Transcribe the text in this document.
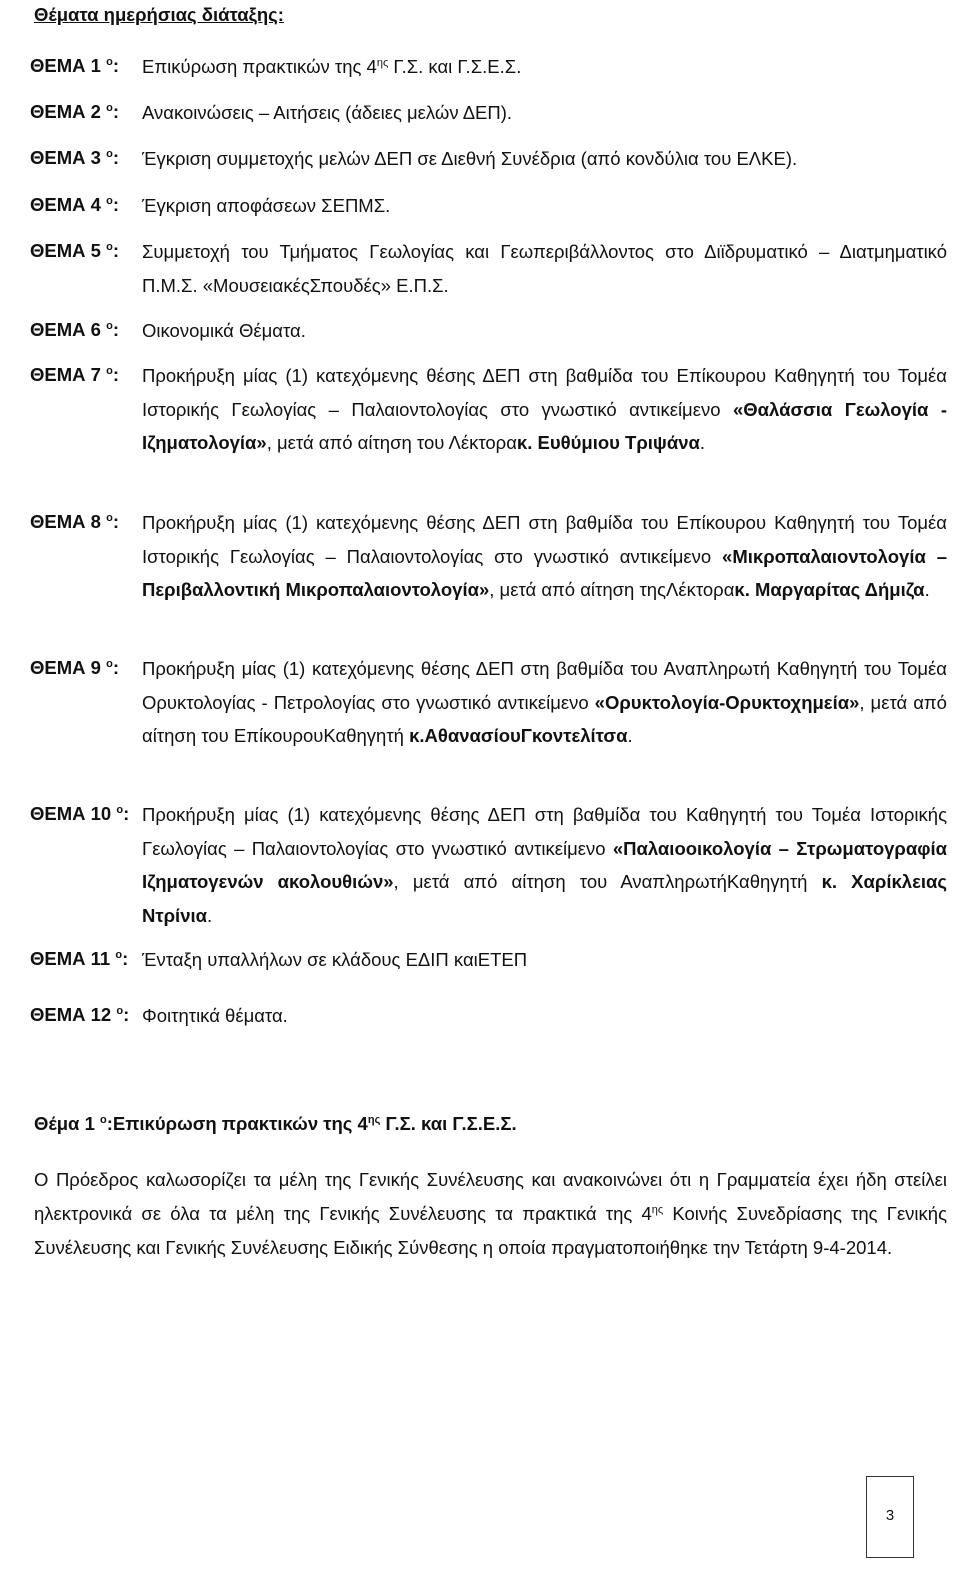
Θέματα ημερήσιας διάταξης:
ΘΕΜΑ 1 $^o$:	Επικύρωση πρακτικών της $4^{\eta\varsigma}$ Γ.Σ. και Γ.Σ.Ε.Σ.
ΘΕΜΑ 2 $^o$:	Ανακοινώσεις – Αιτήσεις (άδειες μελών ΔΕΠ).
ΘΕΜΑ 3 $^o$:	Έγκριση συμμετοχής μελών ΔΕΠ σε Διεθνή Συνέδρια (από κονδύλια του ΕΛΚΕ).
ΘΕΜΑ 4 $^o$:	Έγκριση αποφάσεων ΣΕΠΜΣ.
ΘΕΜΑ 5 $^o$:	Συμμετοχή του Τμήματος Γεωλογίας και Γεωπεριβάλλοντος στο Διϊδρυματικό – Διατμηματικό Π.Μ.Σ. «ΜουσειακέςΣπουδές» Ε.Π.Σ.
ΘΕΜΑ 6 $^o$:	Οικονομικά Θέματα.
ΘΕΜΑ 7 $^o$:	Προκήρυξη μίας (1) κατεχόμενης θέσης ΔΕΠ στη βαθμίδα του Επίκουρου Καθηγητή του Τομέα Ιστορικής Γεωλογίας – Παλαιοντολογίας στο γνωστικό αντικείμενο «Θαλάσσια Γεωλογία - Ιζηματολογία», μετά από αίτηση του Λέκτορακ. Ευθύμιου Τριψάνα.
ΘΕΜΑ 8 $^o$:	Προκήρυξη μίας (1) κατεχόμενης θέσης ΔΕΠ στη βαθμίδα του Επίκουρου Καθηγητή του Τομέα Ιστορικής Γεωλογίας – Παλαιοντολογίας στο γνωστικό αντικείμενο «Μικροπαλαιοντολογία – Περιβαλλοντική Μικροπαλαιοντολογία», μετά από αίτηση τηςΛέκτορακ. Μαργαρίτας Δήμιζα.
ΘΕΜΑ 9 $^o$:	Προκήρυξη μίας (1) κατεχόμενης θέσης ΔΕΠ στη βαθμίδα του Αναπληρωτή Καθηγητή του Τομέα Ορυκτολογίας - Πετρολογίας στο γνωστικό αντικείμενο «Ορυκτολογία-Ορυκτοχημεία», μετά από αίτηση του ΕπίκουρουΚαθηγητή κ.ΑθανασίουΓκοντελίτσα.
ΘΕΜΑ 10 $^o$: Προκήρυξη μίας (1) κατεχόμενης θέσης ΔΕΠ στη βαθμίδα του Καθηγητή του Τομέα Ιστορικής Γεωλογίας – Παλαιοντολογίας στο γνωστικό αντικείμενο «Παλαιοοικολογία – Στρωματογραφία Ιζηματογενών ακολουθιών», μετά από αίτηση του ΑναπληρωτήΚαθηγητή κ. Χαρίκλειας Ντρίνια.
ΘΕΜΑ 11 $^o$: Ένταξη υπαλλήλων σε κλάδους ΕΔΙΠ καιΕΤΕΠ
ΘΕΜΑ 12 $^o$: Φοιτητικά θέματα.
Θέμα 1 $^o$:Επικύρωση πρακτικών της $4^{\eta\varsigma}$ Γ.Σ. και Γ.Σ.Ε.Σ.
Ο Πρόεδρος καλωσορίζει τα μέλη της Γενικής Συνέλευσης και ανακοινώνει ότι η Γραμματεία έχει ήδη στείλει ηλεκτρονικά σε όλα τα μέλη της Γενικής Συνέλευσης τα πρακτικά της $4^{\eta\varsigma}$ Κοινής Συνεδρίασης της Γενικής Συνέλευσης και Γενικής Συνέλευσης Ειδικής Σύνθεσης η οποία πραγματοποιήθηκε την Τετάρτη 9-4-2014.
3
